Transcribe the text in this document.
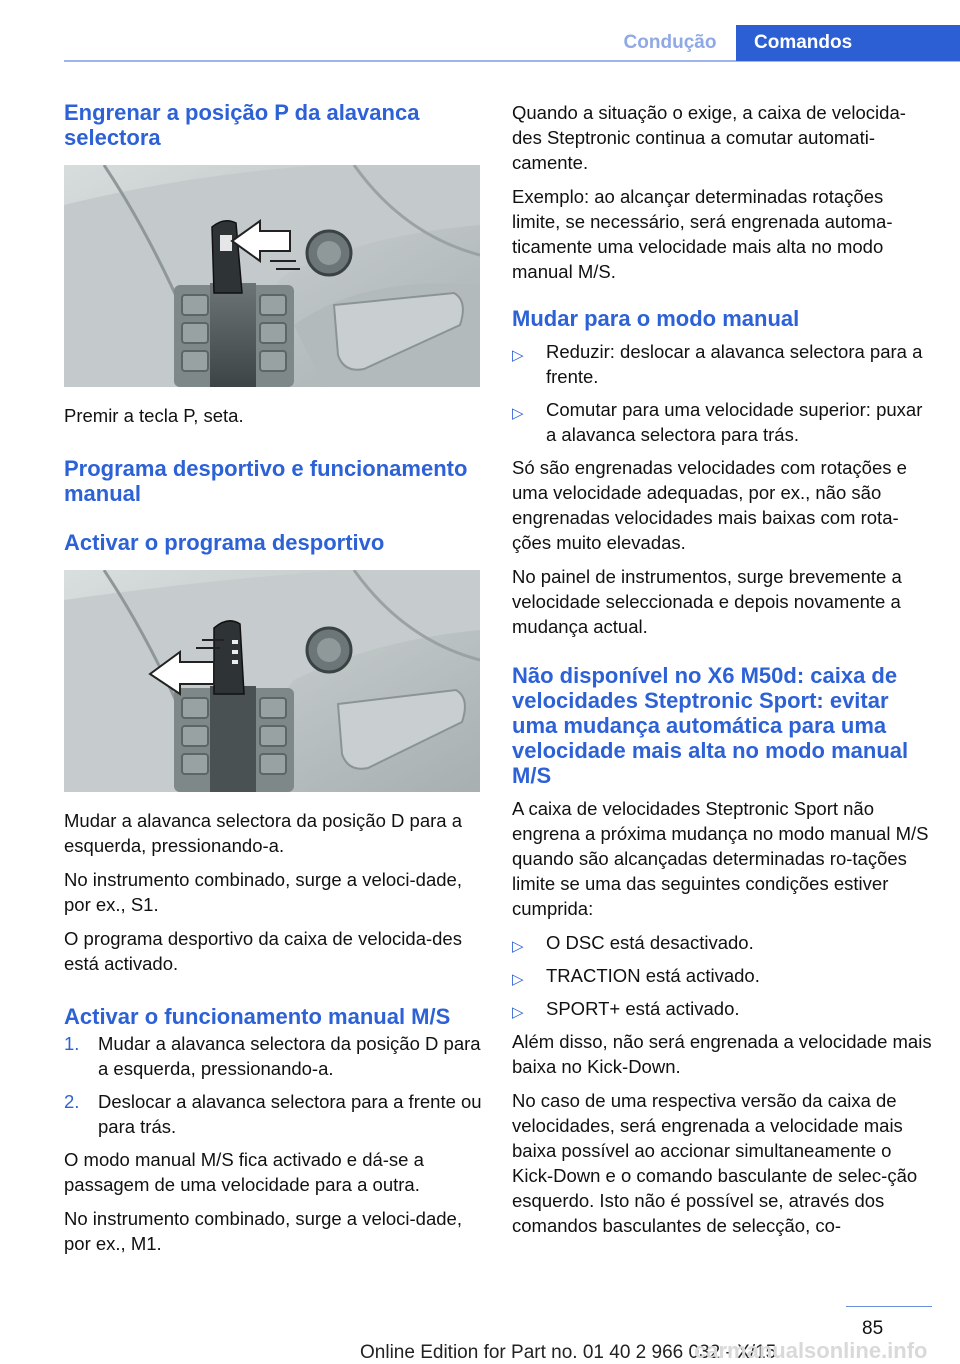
Condução	Comandos
Engrenar a posição P da alavanca selectora

Premir a tecla P, seta.

Programa desportivo e funcionamento manual
Activar o programa desportivo

Mudar a alavanca selectora da posição D para a esquerda, pressionando-a.

No instrumento combinado, surge a veloci-dade, por ex., S1.

O programa desportivo da caixa de velocida-des está activado.

Activar o funcionamento manual M/S
1. Mudar a alavanca selectora da posição D para a esquerda, pressionando-a.
2. Deslocar a alavanca selectora para a frente ou para trás.

O modo manual M/S fica activado e dá-se a passagem de uma velocidade para a outra.

No instrumento combinado, surge a veloci-dade, por ex., M1.

Quando a situação o exige, a caixa de velocida-des Steptronic continua a comutar automati-camente.

Exemplo: ao alcançar determinadas rotações limite, se necessário, será engrenada automa-ticamente uma velocidade mais alta no modo manual M/S.

Mudar para o modo manual
▷ Reduzir: deslocar a alavanca selectora para a frente.
▷ Comutar para uma velocidade superior: puxar a alavanca selectora para trás.

Só são engrenadas velocidades com rotações e uma velocidade adequadas, por ex., não são engrenadas velocidades mais baixas com rota-ções muito elevadas.

No painel de instrumentos, surge brevemente a velocidade seleccionada e depois novamente a mudança actual.

Não disponível no X6 M50d: caixa de velocidades Steptronic Sport: evitar uma mudança automática para uma velocidade mais alta no modo manual M/S

A caixa de velocidades Steptronic Sport não engrena a próxima mudança no modo manual M/S quando são alcançadas determinadas ro-tações limite se uma das seguintes condições estiver cumprida:

▷ O DSC está desactivado.
▷ TRACTION está activado.
▷ SPORT+ está activado.

Além disso, não será engrenada a velocidade mais baixa no Kick-Down.

No caso de uma respectiva versão da caixa de velocidades, será engrenada a velocidade mais baixa possível ao accionar simultaneamente o Kick-Down e o comando basculante de selec-ção esquerdo. Isto não é possível se, através dos comandos basculantes de selecção, co-

85
Online Edition for Part no. 01 40 2 966 032 - X/15
carmanualsonline.info
